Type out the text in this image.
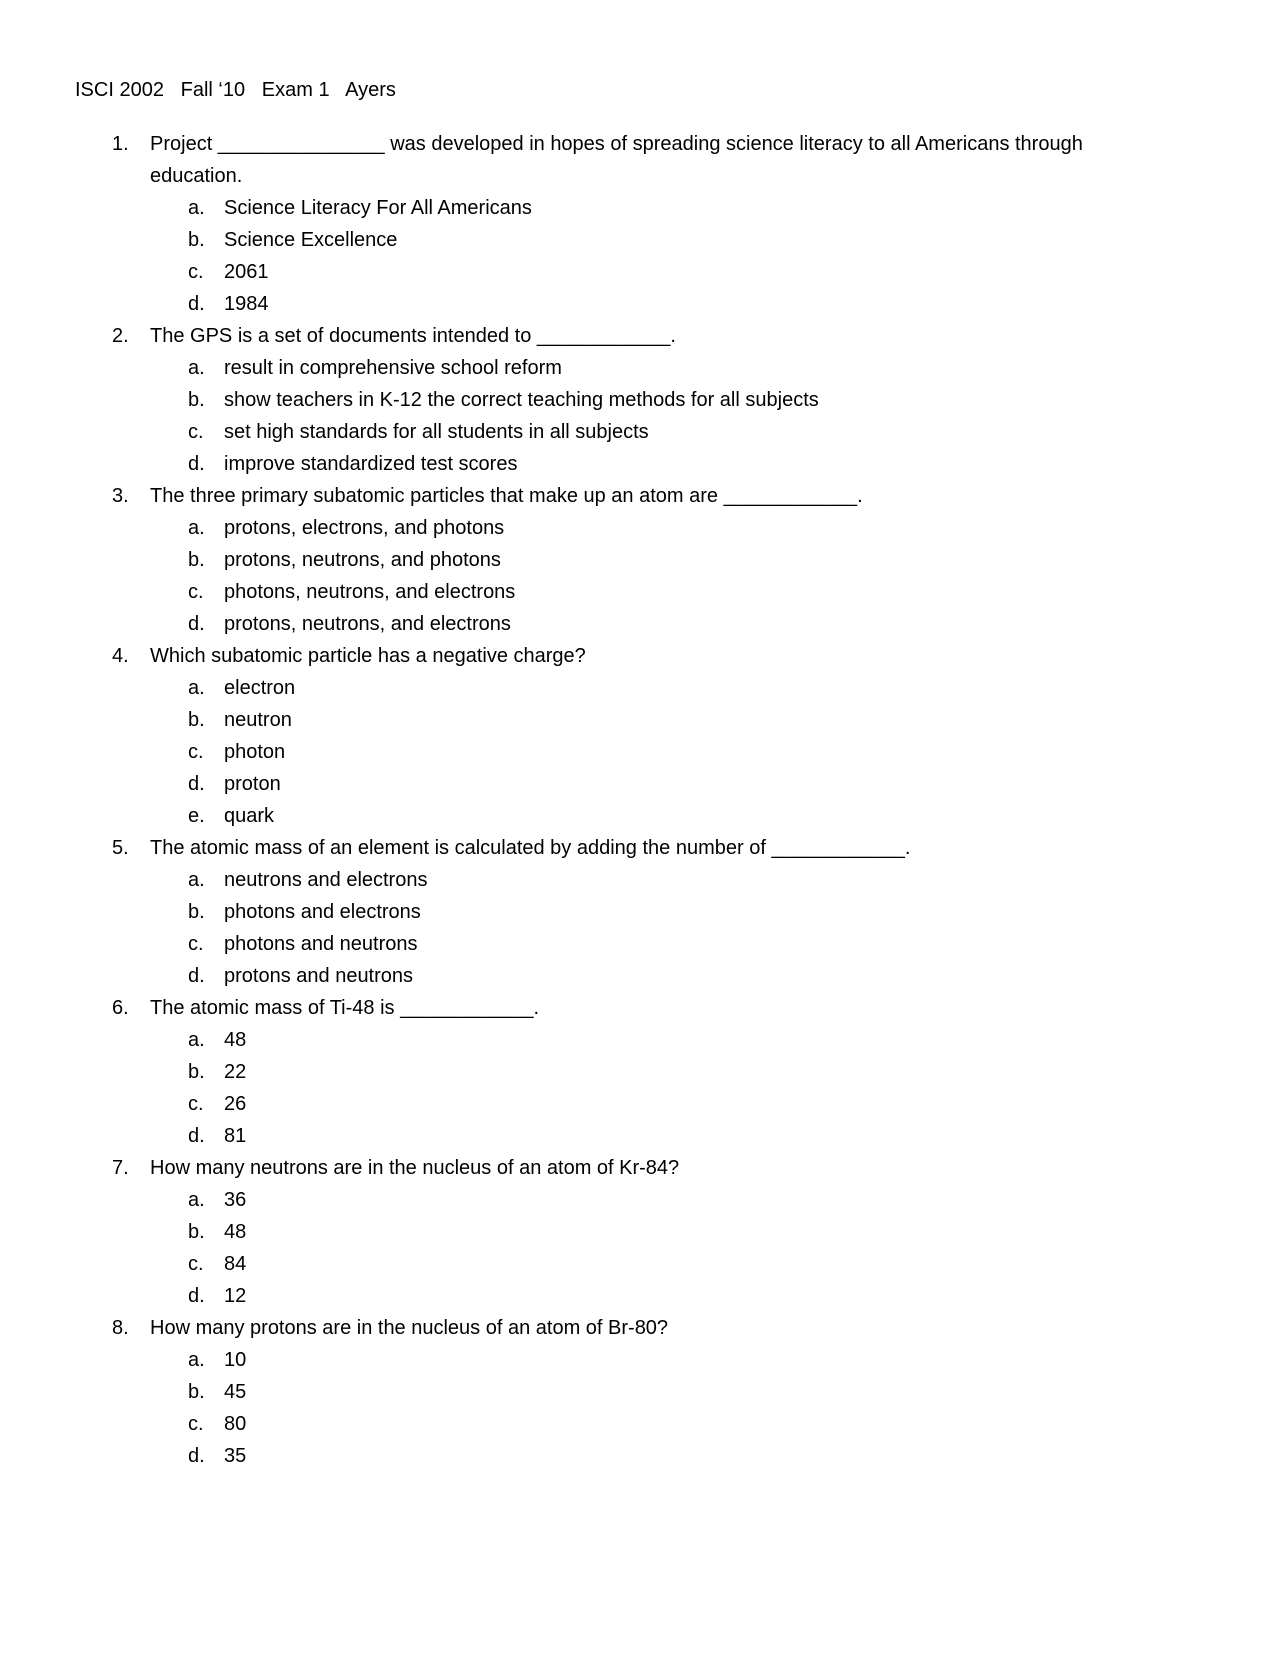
ISCI 2002 Fall ‘10 Exam 1 Ayers
1.	Project _______________ was developed in hopes of spreading science literacy to all Americans through education.
a. Science Literacy For All Americans
b. Science Excellence
c. 2061
d. 1984
2.	The GPS is a set of documents intended to ____________.
a. result in comprehensive school reform
b. show teachers in K-12 the correct teaching methods for all subjects
c. set high standards for all students in all subjects
d. improve standardized test scores
3.	The three primary subatomic particles that make up an atom are ____________.
a. protons, electrons, and photons
b. protons, neutrons, and photons
c. photons, neutrons, and electrons
d. protons, neutrons, and electrons
4.	Which subatomic particle has a negative charge?
a. electron
b. neutron
c. photon
d. proton
e. quark
5.	The atomic mass of an element is calculated by adding the number of ____________.
a. neutrons and electrons
b. photons and electrons
c. photons and neutrons
d. protons and neutrons
6.	The atomic mass of Ti-48 is ____________.
a. 48
b. 22
c. 26
d. 81
7.	How many neutrons are in the nucleus of an atom of Kr-84?
a. 36
b. 48
c. 84
d. 12
8.	How many protons are in the nucleus of an atom of Br-80?
a. 10
b. 45
c. 80
d. 35
